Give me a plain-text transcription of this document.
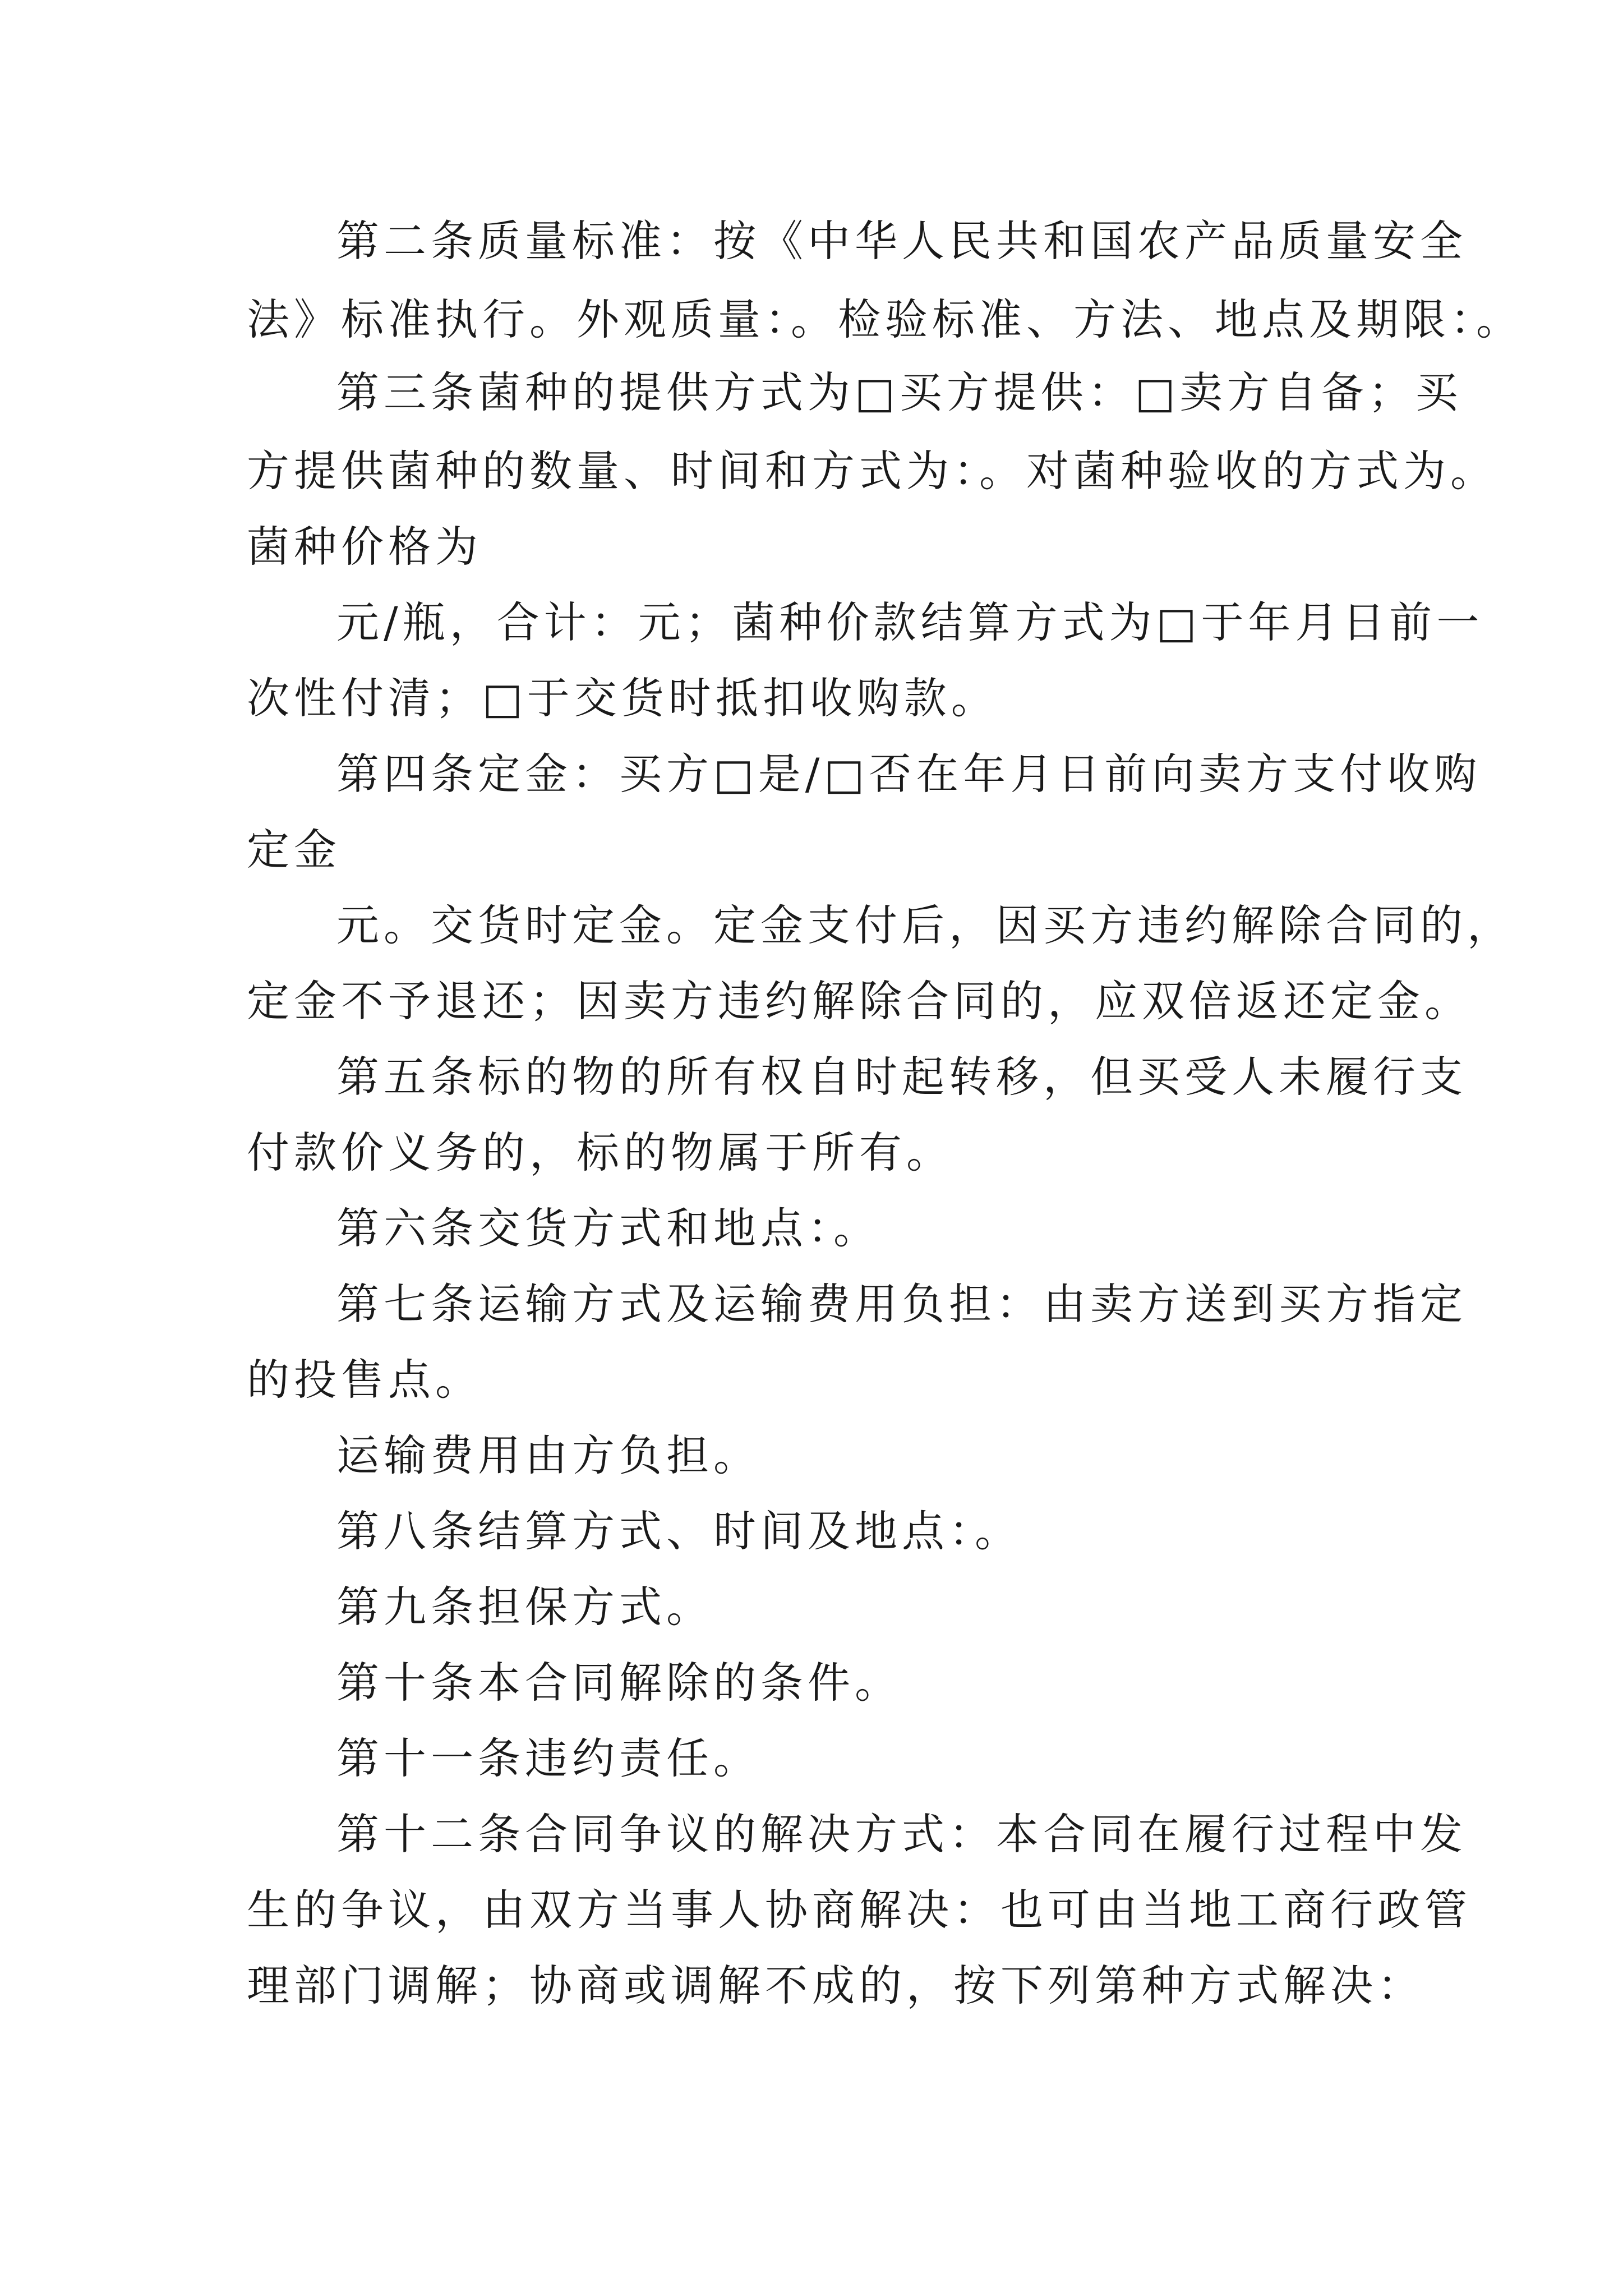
第二条质量标准：按《中华人民共和国农产品质量安全
法》标准执行。外观质量：。检验标准、方法、地点及期限：。
第三条菌种的提供方式为□买方提供：□卖方自备；买
方提供菌种的数量、时间和方式为：。对菌种验收的方式为。
菌种价格为
元/瓶，合计：元；菌种价款结算方式为□于年月日前一
次性付清；□于交货时抵扣收购款。
第四条定金：买方□是/□否在年月日前向卖方支付收购
定金
元。交货时定金。定金支付后，因买方违约解除合同的，
定金不予退还；因卖方违约解除合同的，应双倍返还定金。
第五条标的物的所有权自时起转移，但买受人未履行支
付款价义务的，标的物属于所有。
第六条交货方式和地点：。
第七条运输方式及运输费用负担：由卖方送到买方指定
的投售点。
运输费用由方负担。
第八条结算方式、时间及地点：。
第九条担保方式。
第十条本合同解除的条件。
第十一条违约责任。
第十二条合同争议的解决方式：本合同在履行过程中发
生的争议，由双方当事人协商解决：也可由当地工商行政管
理部门调解；协商或调解不成的，按下列第种方式解决：
